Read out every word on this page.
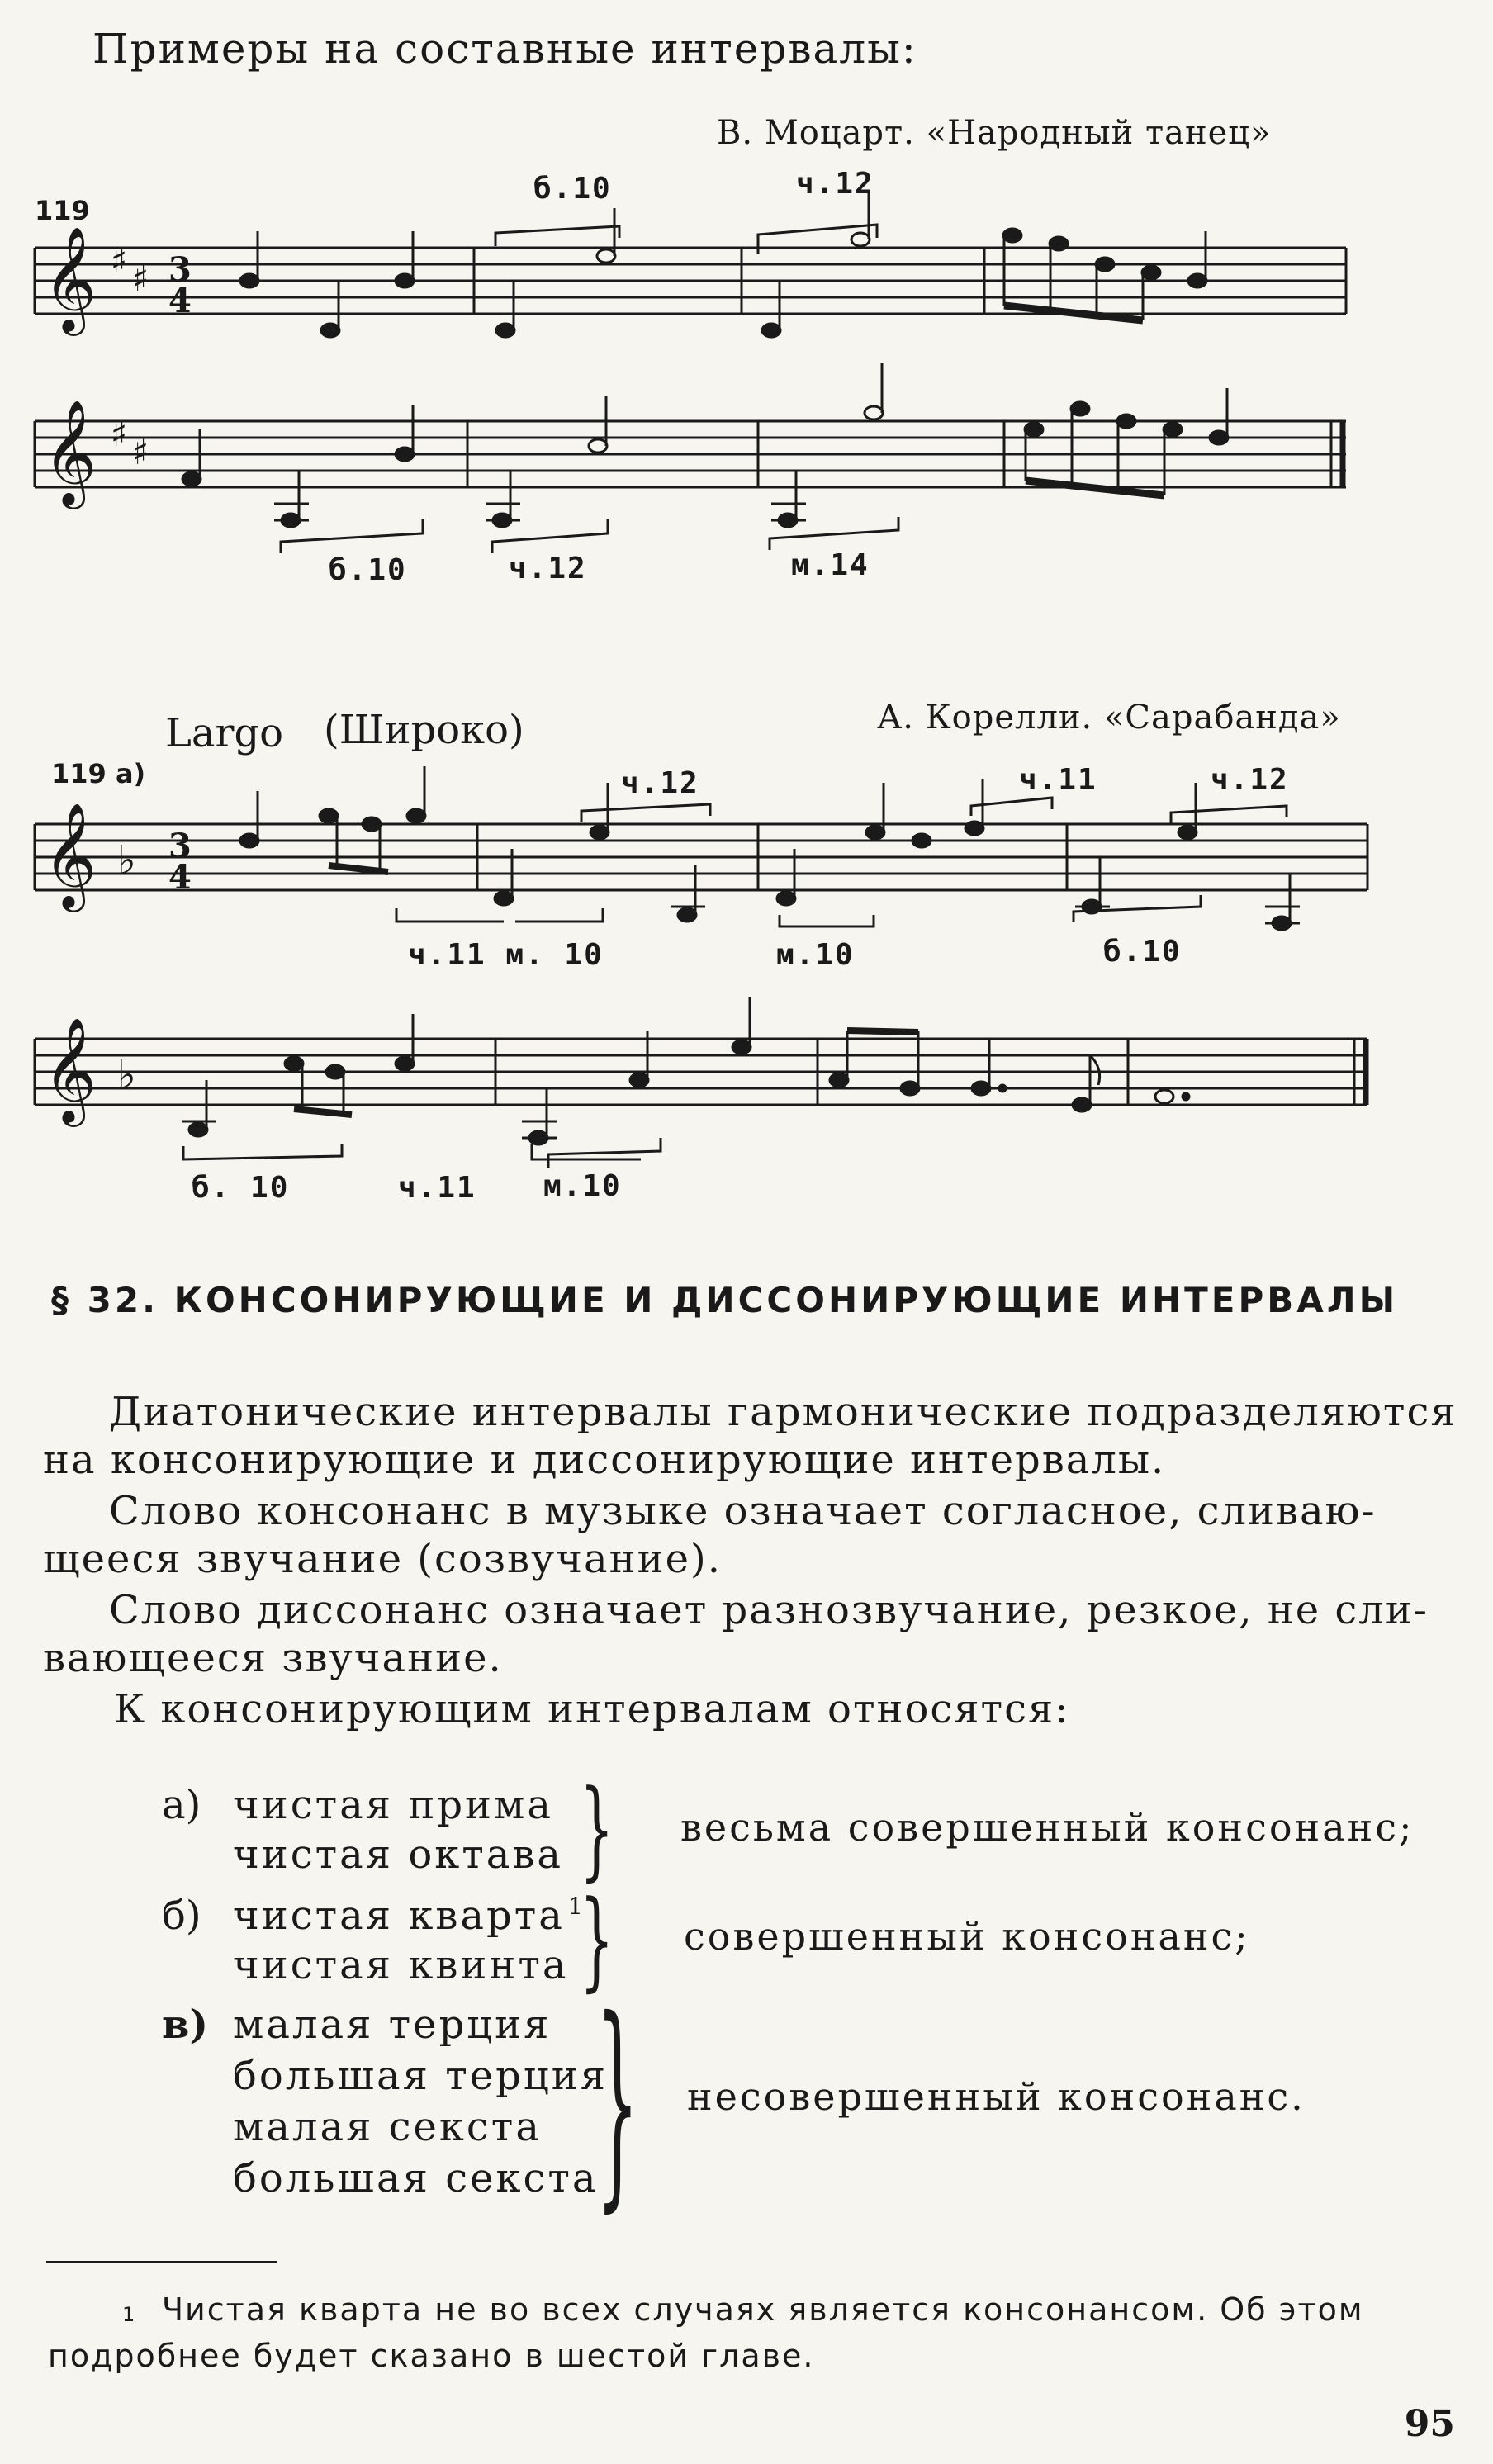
Примеры на составные интервалы:
В. Моцарт. «Народный танец»
119
б.10	ч.12
𝄞 ♯ ♯ 3
4
𝄞 ♯ ♯
б.10	ч.12	м.14
Largo (Широко)	А. Корелли. «Сарабанда»
119 а)	ч.12	ч.11	ч.12
𝄞 ♭ 3
4
ч.11 м. 10	м.10	б.10
𝄞 ♭
б. 10	ч.11 м.10
§ 32. КОНСОНИРУЮЩИЕ И ДИССОНИРУЮЩИЕ ИНТЕРВАЛЫ
Диатонические интервалы гармонические подразделяются
на консонирующие и диссонирующие интервалы.
Слово консонанс в музыке означает согласное, сливаю-
щееся звучание (созвучание).
Слово диссонанс означает разнозвучание, резкое, не сли-
вающееся звучание.
К консонирующим интервалам относятся:
а) чистая прима
чистая октава } весьма совершенный консонанс;
б) чистая кварта 1
чистая квинта } совершенный консонанс;
в) малая терция
большая терция
малая секста
большая секста
} несовершенный консонанс.
1 Чистая кварта не во всех случаях является консонансом. Об этом
подробнее будет сказано в шестой главе.
95
